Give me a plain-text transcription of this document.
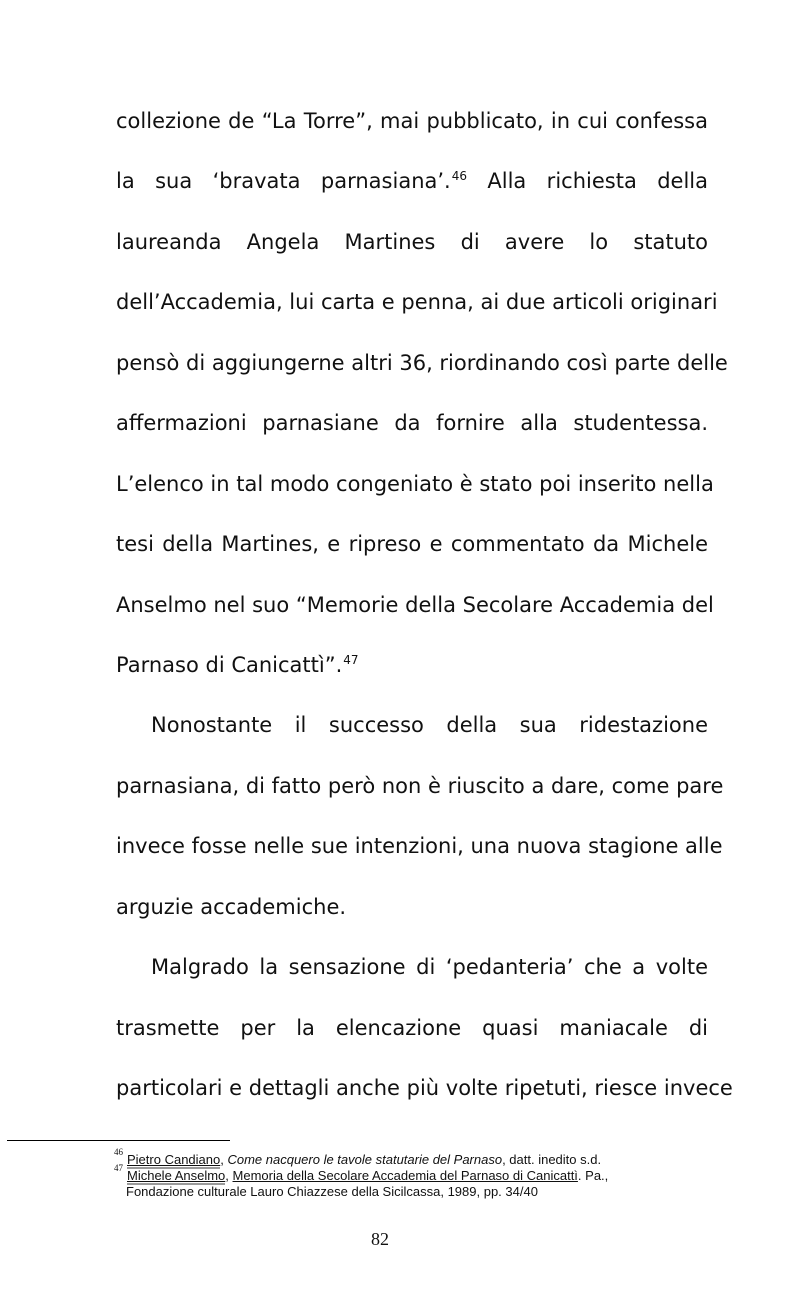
collezione de “La Torre”, mai pubblicato, in cui confessa
la sua ‘bravata parnasiana’.$^{46}$ Alla richiesta della
laureanda Angela Martines di avere lo statuto
dell’Accademia, lui carta e penna, ai due articoli originari
pensò di aggiungerne altri 36, riordinando così parte delle
affermazioni parnasiane da fornire alla studentessa.
L’elenco in tal modo congeniato è stato poi inserito nella
tesi della Martines, e ripreso e commentato da Michele
Anselmo nel suo “Memorie della Secolare Accademia del
Parnaso di Canicattì”.$^{47}$
Nonostante il successo della sua ridestazione
parnasiana, di fatto però non è riuscito a dare, come pare
invece fosse nelle sue intenzioni, una nuova stagione alle
arguzie accademiche.
Malgrado la sensazione di ‘pedanteria’ che a volte
trasmette per la elencazione quasi maniacale di
particolari e dettagli anche più volte ripetuti, riesce invece
$^{46}$Pietro Candiano, Come nacquero le tavole statutarie del Parnaso, datt. inedito s.d.
$^{47}$Michele Anselmo, Memoria della Secolare Accademia del Parnaso di Canicattì. Pa.,
Fondazione culturale Lauro Chiazzese della Sicilcassa, 1989, pp. 34/40
82
